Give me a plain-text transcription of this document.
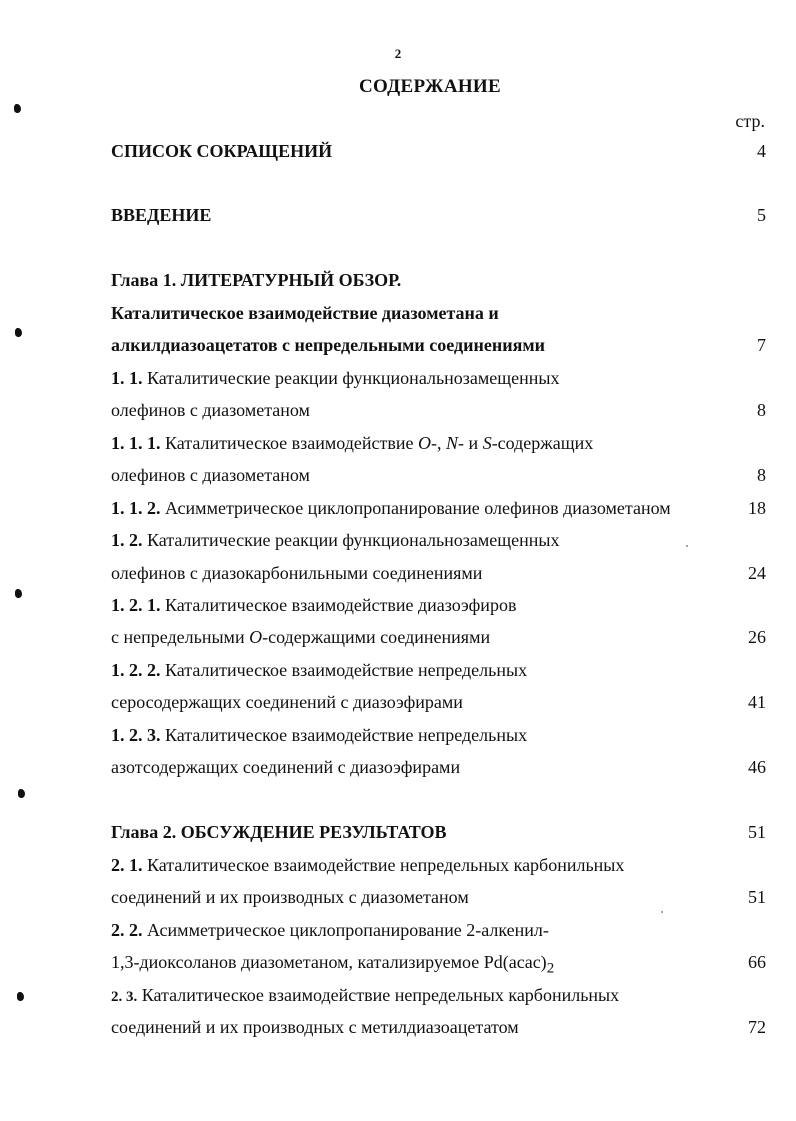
2
СОДЕРЖАНИЕ
стр.
СПИСОК СОКРАЩЕНИЙ	4
ВВЕДЕНИЕ	5
Глава 1. ЛИТЕРАТУРНЫЙ ОБЗОР.
Каталитическое взаимодействие диазометана и
алкилдиазоацетатов с непредельными соединениями	7
1. 1. Каталитические реакции функциональнозамещенных
олефинов с диазометаном	8
1. 1. 1. Каталитическое взаимодействие О-, N- и S-содержащих
олефинов с диазометаном	8
1. 1. 2. Асимметрическое циклопропанирование олефинов диазометаном	18
1. 2. Каталитические реакции функциональнозамещенных
олефинов с диазокарбонильными соединениями	24
1. 2. 1. Каталитическое взаимодействие диазоэфиров
с непредельными О-содержащими соединениями	26
1. 2. 2. Каталитическое взаимодействие непредельных
серосодержащих соединений с диазоэфирами	41
1. 2. 3. Каталитическое взаимодействие непредельных
азотсодержащих соединений с диазоэфирами	46
Глава 2. ОБСУЖДЕНИЕ РЕЗУЛЬТАТОВ	51
2. 1. Каталитическое взаимодействие непредельных карбонильных
соединений и их производных с диазометаном	51
2. 2. Асимметрическое циклопропанирование 2-алкенил-
1,3-диоксоланов диазометаном, катализируемое $Pd(acac)_2$	66
2. 3. Каталитическое взаимодействие непредельных карбонильных
соединений и их производных с метилдиазоацетатом	72
